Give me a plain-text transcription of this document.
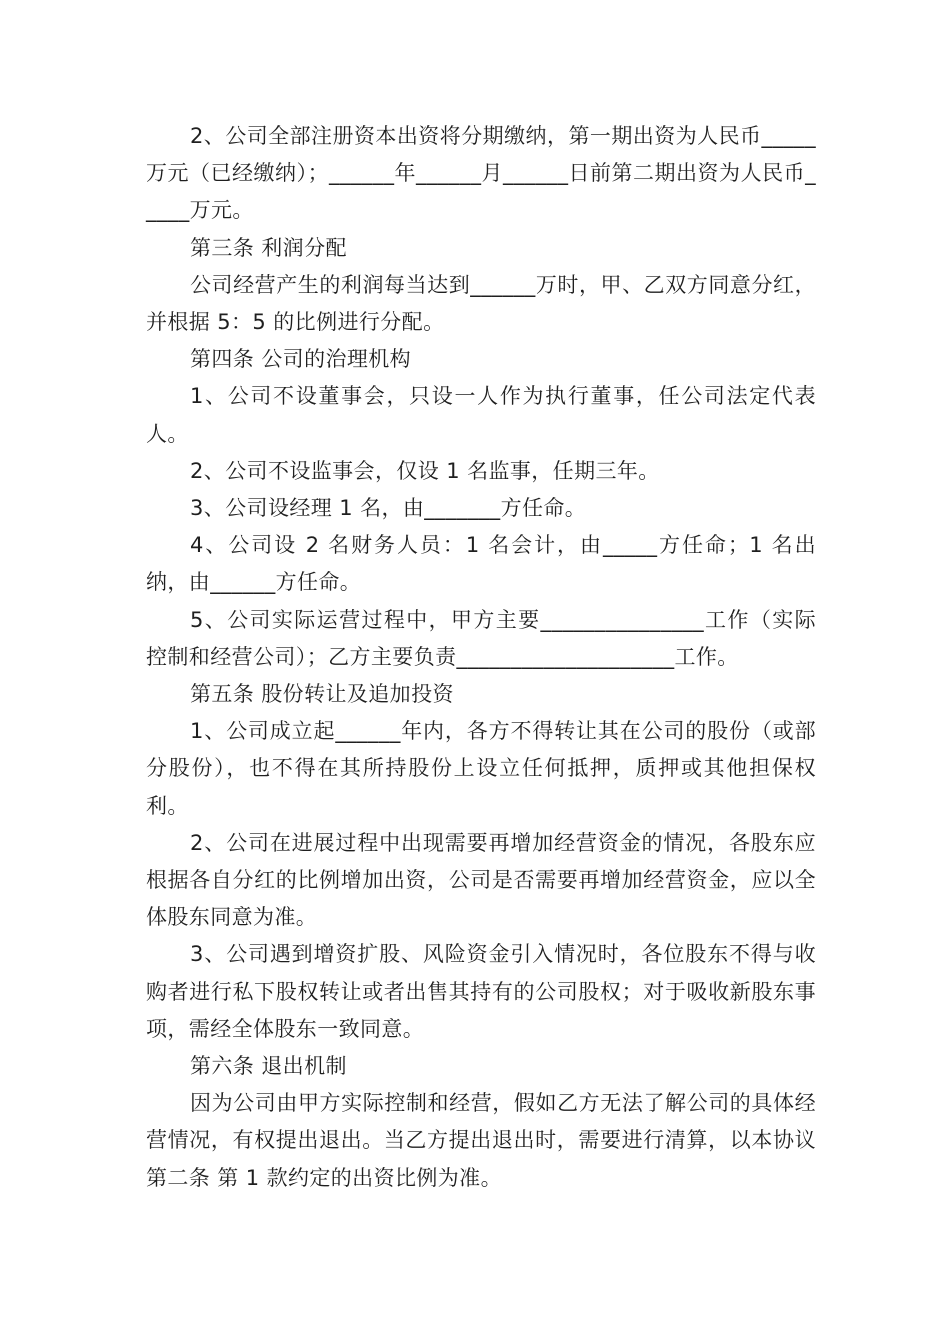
2、公司全部注册资本出资将分期缴纳，第一期出资为人民币_____万元（已经缴纳）；______年______月______日前第二期出资为人民币_____万元。

第三条 利润分配

公司经营产生的利润每当达到______万时，甲、乙双方同意分红，并根据 5：5 的比例进行分配。

第四条 公司的治理机构

1、公司不设董事会，只设一人作为执行董事，任公司法定代表人。

2、公司不设监事会，仅设 1 名监事，任期三年。

3、公司设经理 1 名，由_______方任命。

4、公司设 2 名财务人员：1 名会计，由_____方任命；1 名出纳，由______方任命。

5、公司实际运营过程中，甲方主要_______________工作（实际控制和经营公司）；乙方主要负责____________________工作。

第五条 股份转让及追加投资

1、公司成立起______年内，各方不得转让其在公司的股份（或部分股份），也不得在其所持股份上设立任何抵押，质押或其他担保权利。

2、公司在进展过程中出现需要再增加经营资金的情况，各股东应根据各自分红的比例增加出资，公司是否需要再增加经营资金，应以全体股东同意为准。

3、公司遇到增资扩股、风险资金引入情况时，各位股东不得与收购者进行私下股权转让或者出售其持有的公司股权；对于吸收新股东事项，需经全体股东一致同意。

第六条 退出机制

因为公司由甲方实际控制和经营，假如乙方无法了解公司的具体经营情况，有权提出退出。当乙方提出退出时，需要进行清算，以本协议第二条 第 1 款约定的出资比例为准。
